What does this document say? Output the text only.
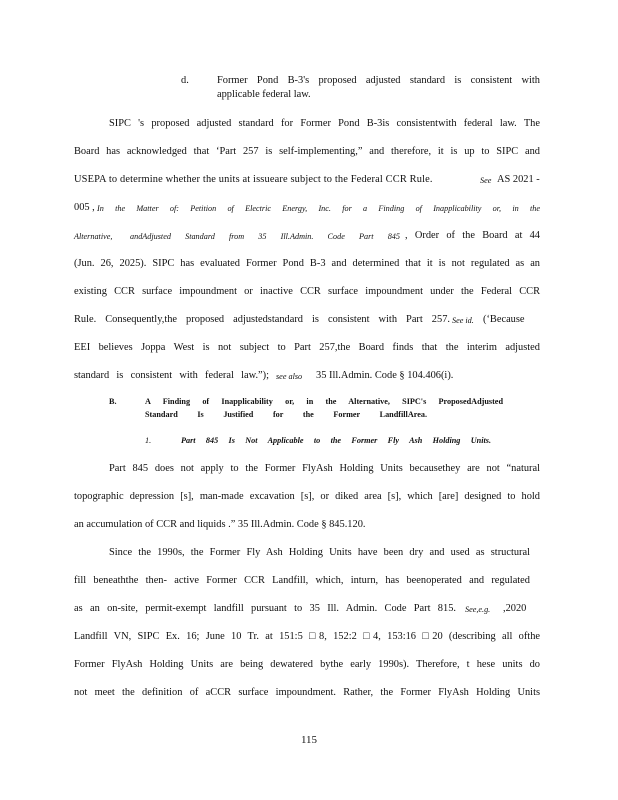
d.	Former Pond B-3's proposed adjusted standard is consistent with
applicable federal law.
SIPC 's proposed adjusted standard for Former Pond B-3is consistentwith federal law. The
Board has acknowledged that ‘Part 257 is self-implementing,” and therefore, it is up to SIPC and
USEPA to determine whether the units at issueare subject to the Federal CCR Rule.	See AS 2021 -
005 , In the Matter of: Petition of Electric Energy, Inc. for a Finding of Inapplicability or, in the
Alternative, andAdjusted Standard from 35 Ill.Admin. Code Part 845 , Order of the Board at 44
(Jun. 26, 2025). SIPC has evaluated Former Pond B-3 and determined that it is not regulated as an
existing CCR surface impoundment or inactive CCR surface impoundment under the Federal CCR
Rule. Consequently,the proposed adjustedstandard is consistent with Part 257. See id. (‘Because
EEI believes Joppa West is not subject to Part 257,the Board finds that the interim adjusted
standard is consistent with federal law.”); see also 35 Ill.Admin. Code § 104.406(i).
B.	A Finding of Inapplicability or, in the Alternative, SIPC's ProposedAdjusted
Standard Is Justified for the Former LandfillArea.
1.	Part 845 Is Not Applicable to the Former Fly Ash Holding Units.
Part 845 does not apply to the Former FlyAsh Holding Units becausethey are not “natural
topographic depression [s], man-made excavation [s], or diked area [s], which [are] designed to hold
an accumulation of CCR and liquids .” 35 Ill.Admin. Code § 845.120.
Since the 1990s, the Former Fly Ash Holding Units have been dry and used as structural
fill beneaththe then- active Former CCR Landfill, which, inturn, has beenoperated and regulated
as an on-site, permit-exempt landfill pursuant to 35 Ill. Admin. Code Part 815. See,e.g. ,2020
Landfill VN, SIPC Ex. 16; June 10 Tr. at 151:5 □8, 152:2 □4, 153:16 □20 (describing all ofthe
Former FlyAsh Holding Units are being dewatered bythe early 1990s). Therefore, t hese units do
not meet the definition of aCCR surface impoundment. Rather, the Former FlyAsh Holding Units
115
